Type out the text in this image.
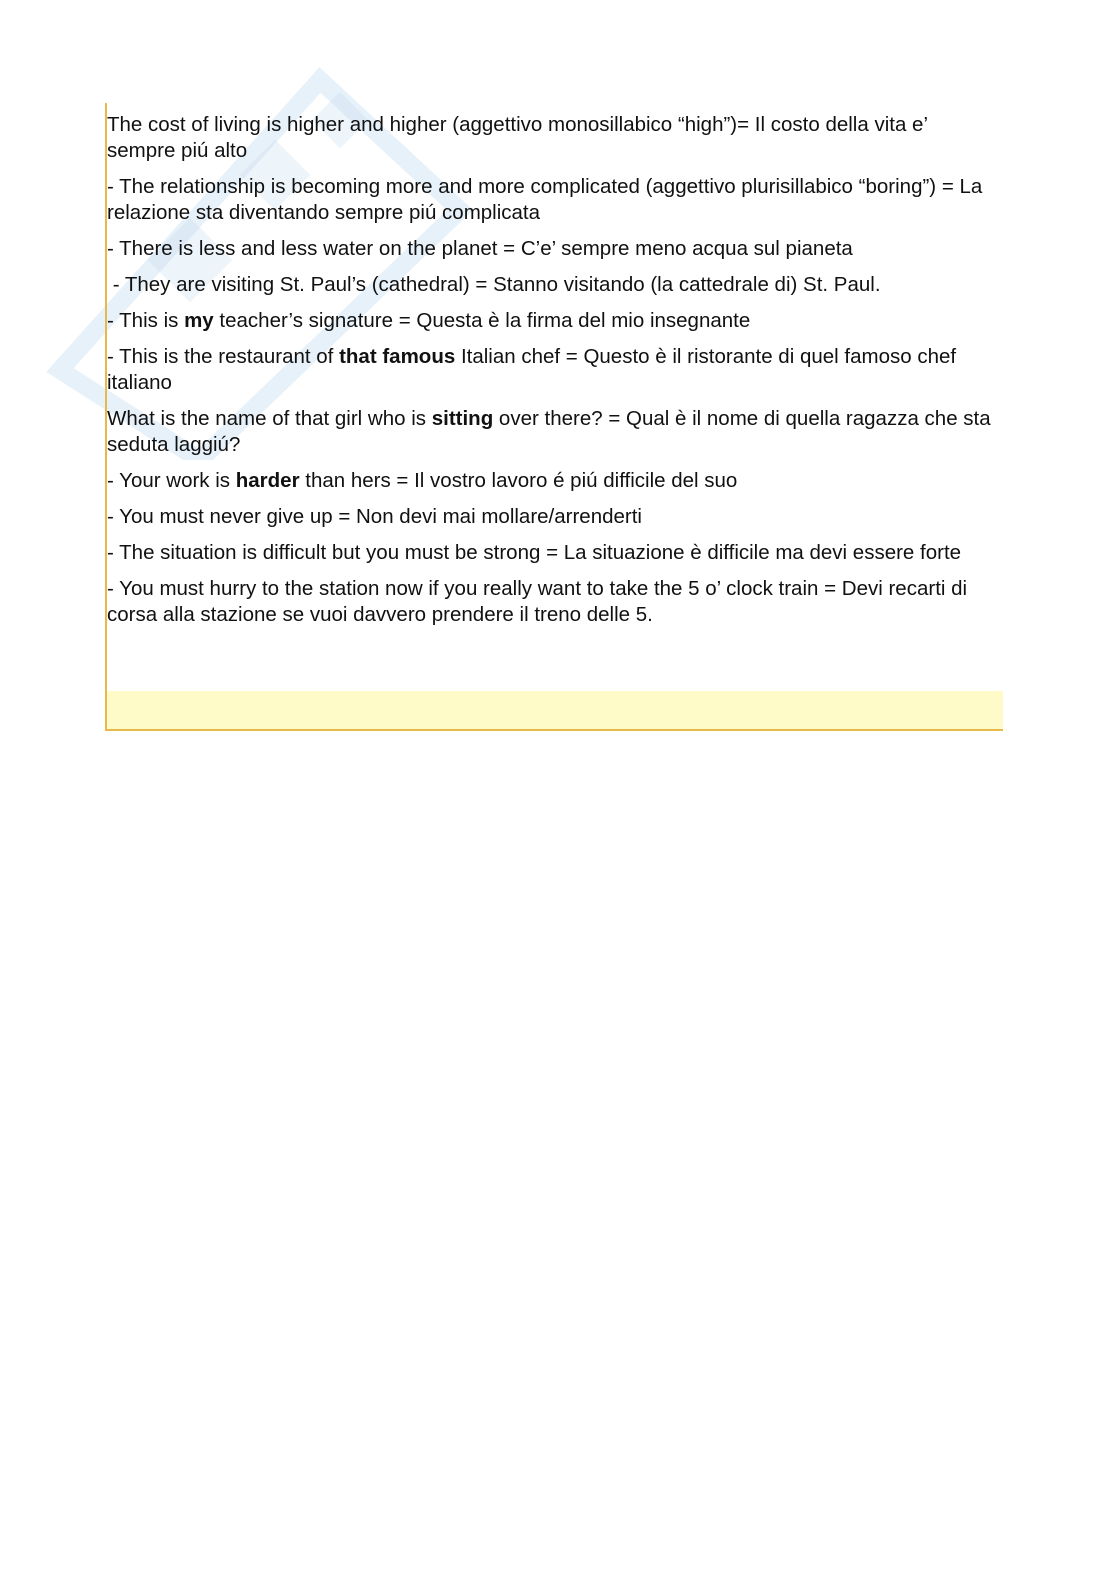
The cost of living is higher and higher (aggettivo monosillabico “high”)= Il costo della vita e’ sempre piú alto

- The relationship is becoming more and more complicated (aggettivo plurisillabico “boring”) = La relazione sta diventando sempre piú complicata

- There is less and less water on the planet = C’e’ sempre meno acqua sul pianeta

- They are visiting St. Paul’s (cathedral) = Stanno visitando (la cattedrale di) St. Paul.

- This is my teacher’s signature = Questa è la firma del mio insegnante

- This is the restaurant of that famous Italian chef = Questo è il ristorante di quel famoso chef italiano

What is the name of that girl who is sitting over there? = Qual è il nome di quella ragazza che sta seduta laggiú?

- Your work is harder than hers = Il vostro lavoro é piú difficile del suo

- You must never give up = Non devi mai mollare/arrenderti

- The situation is difficult but you must be strong = La situazione è difficile ma devi essere forte

- You must hurry to the station now if you really want to take the 5 o’ clock train = Devi recarti di corsa alla stazione se vuoi davvero prendere il treno delle 5.
